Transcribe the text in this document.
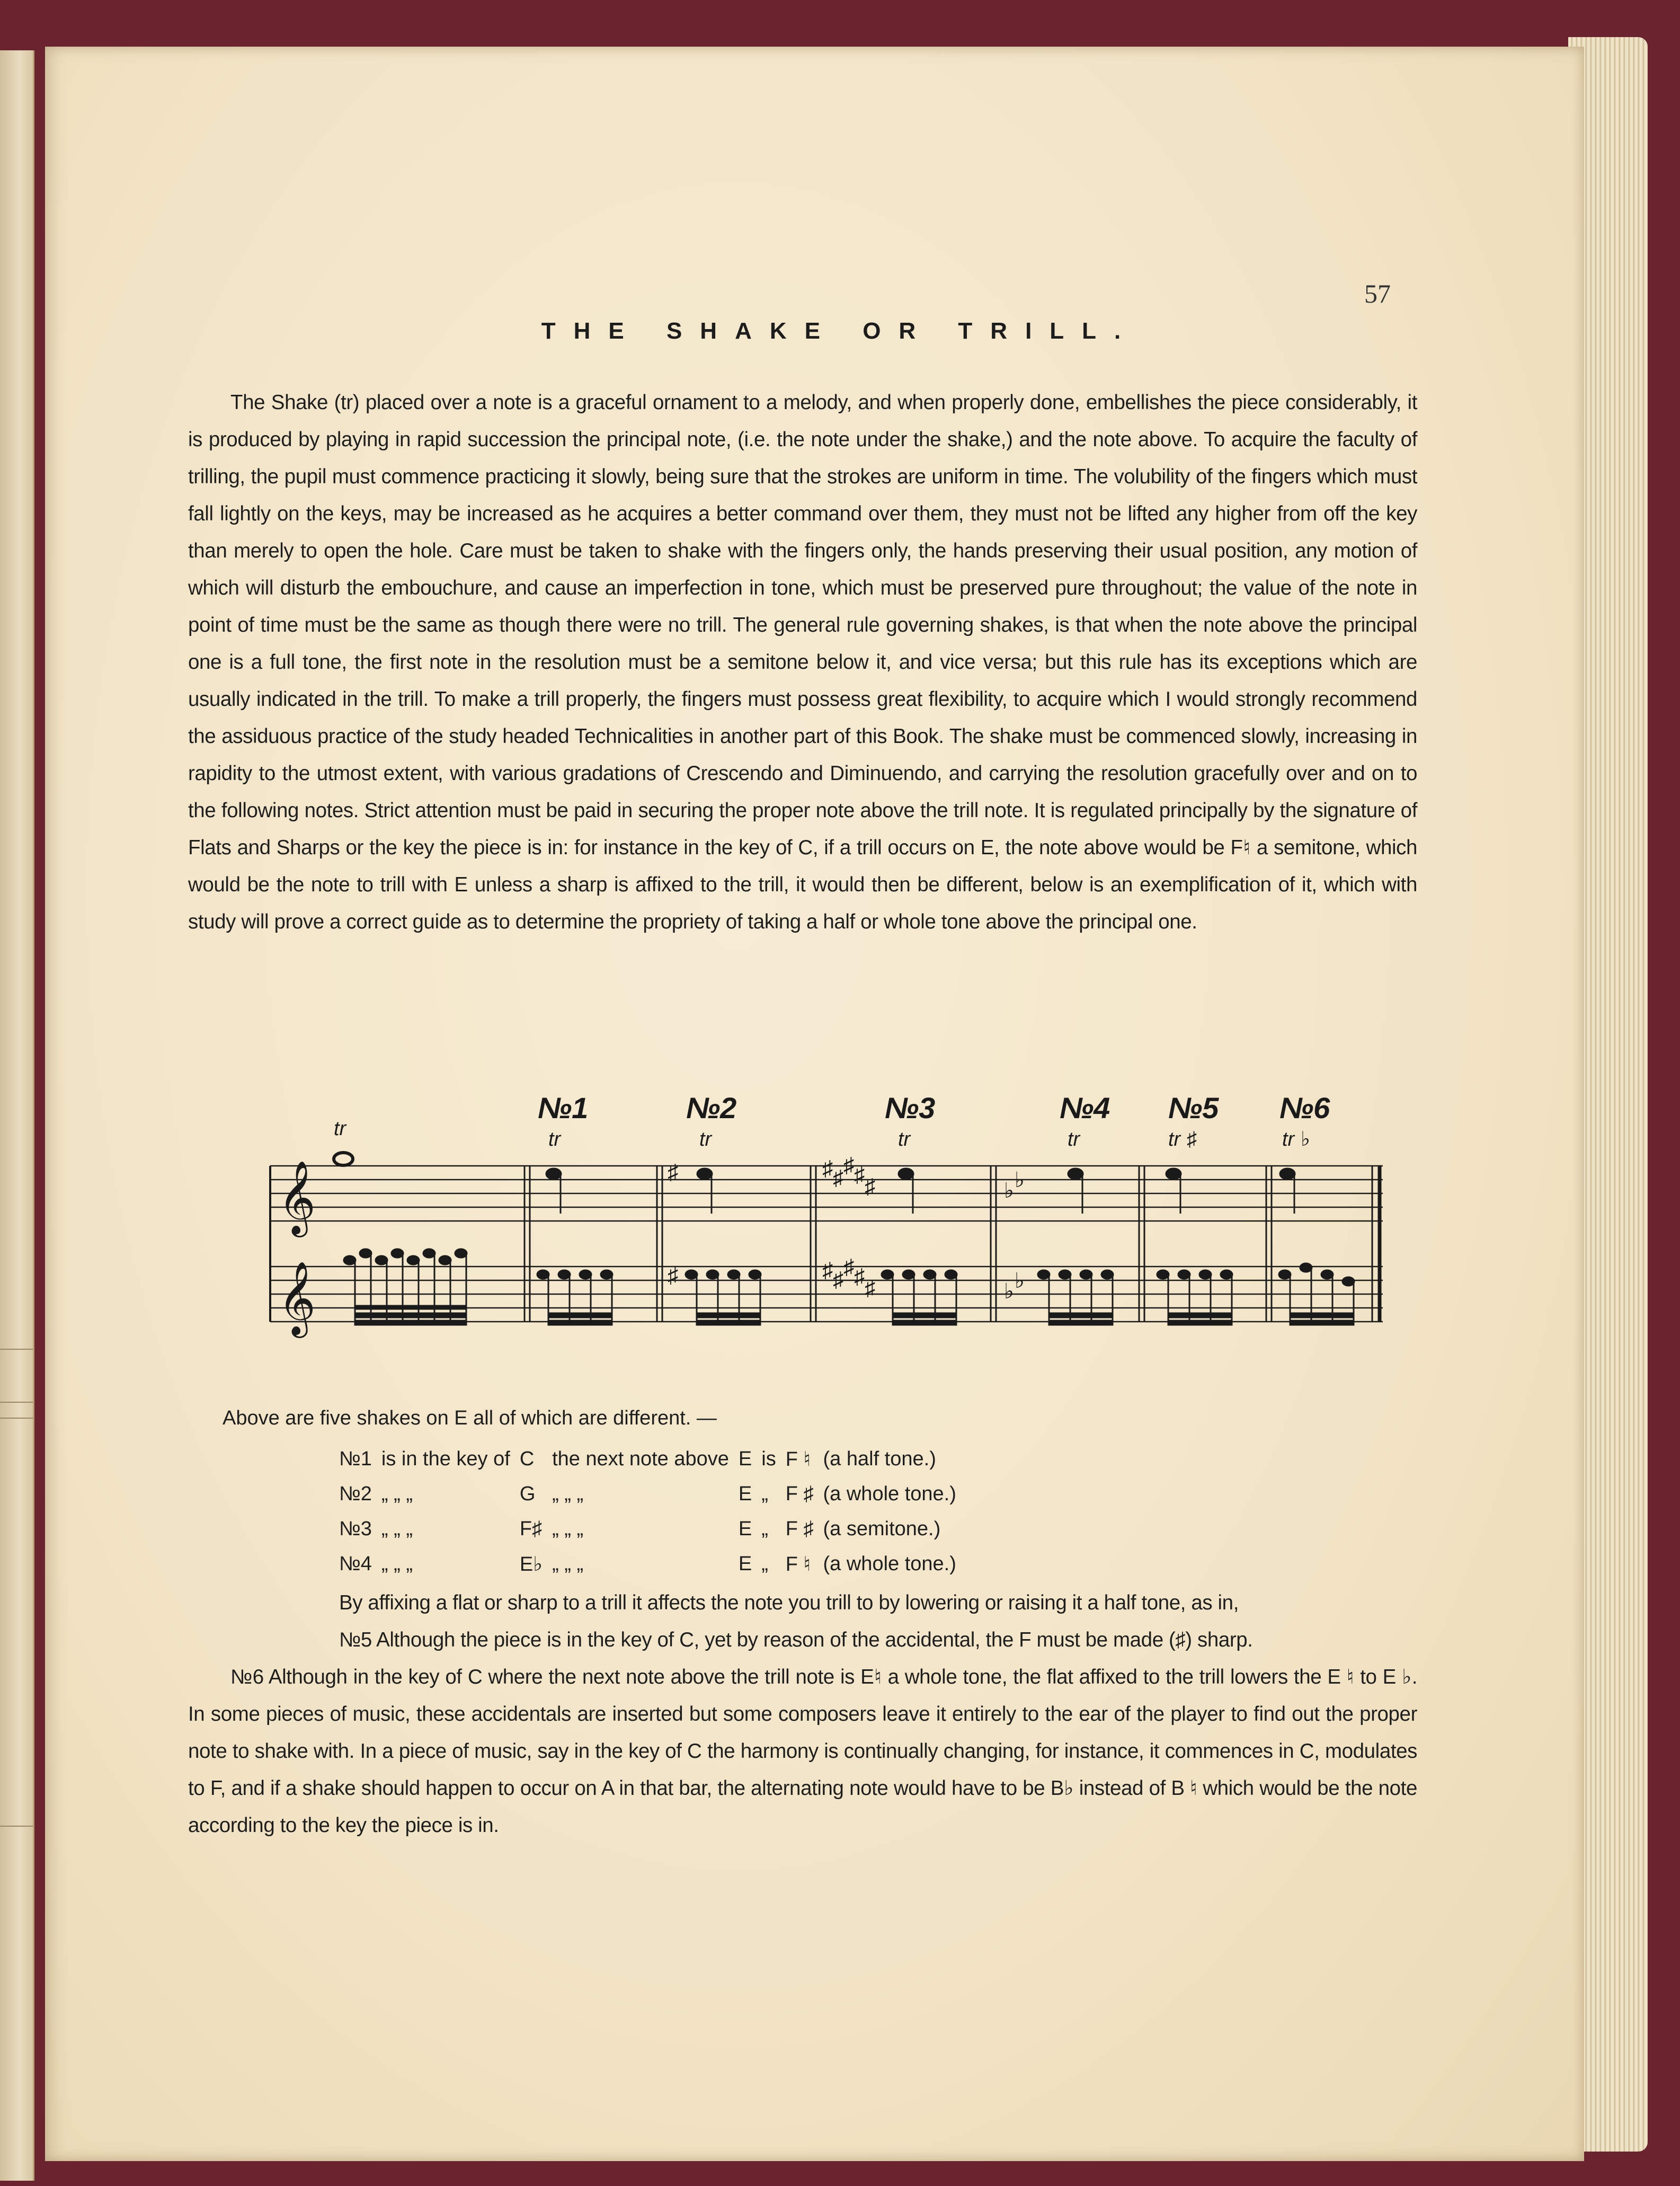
57
THE SHAKE OR TRILL.

The Shake (tr) placed over a note is a graceful ornament to a melody, and when properly done, embellishes the piece considerably, it is produced by playing in rapid succession the principal note, (i.e. the note under the shake,) and the note above. To acquire the faculty of trilling, the pupil must commence practicing it slowly, being sure that the strokes are uniform in time. The volubility of the fingers which must fall lightly on the keys, may be increased as he acquires a better command over them, they must not be lifted any higher from off the key than merely to open the hole. Care must be taken to shake with the fingers only, the hands preserving their usual position, any motion of which will disturb the embouchure, and cause an imperfection in tone, which must be preserved pure throughout; the value of the note in point of time must be the same as though there were no trill. The general rule governing shakes, is that when the note above the principal one is a full tone, the first note in the resolution must be a semitone below it, and vice versa; but this rule has its exceptions which are usually indicated in the trill. To make a trill properly, the fingers must possess great flexibility, to acquire which I would strongly recommend the assiduous practice of the study headed Technicalities in another part of this Book. The shake must be commenced slowly, increasing in rapidity to the utmost extent, with various gradations of Crescendo and Diminuendo, and carrying the resolution gracefully over and on to the following notes. Strict attention must be paid in securing the proper note above the trill note. It is regulated principally by the signature of Flats and Sharps or the key the piece is in: for instance in the key of C, if a trill occurs on E, the note above would be F♮ a semitone, which would be the note to trill with E unless a sharp is affixed to the trill, it would then be different, below is an exemplification of it, which with study will prove a correct guide as to determine the propriety of taking a half or whole tone above the principal one.

𝄞
𝄞
tr
№1	№2	№3	№4 №5 №6
tr	tr	tr	tr	tr ♯	tr ♭
♯
♯
♯ ♯
♯ ♯ ♯
♯ ♯
♯ ♯ ♯
♭ ♭
♭ ♭

Above are five shakes on E all of which are different. —

№1	is in the key of	C	the next note above	E	is	F ♮	(a half tone.)
№2	„ „ „	G	„ „ „	E	„	F ♯	(a whole tone.)
№3	„ „ „	F♯	„ „ „	E	„	F ♯	(a semitone.)
№4	„ „ „	E♭	„ „ „	E	„	F ♮	(a whole tone.)

By affixing a flat or sharp to a trill it affects the note you trill to by lowering or raising it a half tone, as in,

№5 Although the piece is in the key of C, yet by reason of the accidental, the F must be made (♯) sharp.

№6 Although in the key of C where the next note above the trill note is E♮ a whole tone, the flat affixed to the trill lowers the E ♮ to E ♭. In some pieces of music, these accidentals are inserted but some composers leave it entirely to the ear of the player to find out the proper note to shake with. In a piece of music, say in the key of C the harmony is continually changing, for instance, it commences in C, modulates to F, and if a shake should happen to occur on A in that bar, the alternating note would have to be B♭ instead of B ♮ which would be the note according to the key the piece is in.
